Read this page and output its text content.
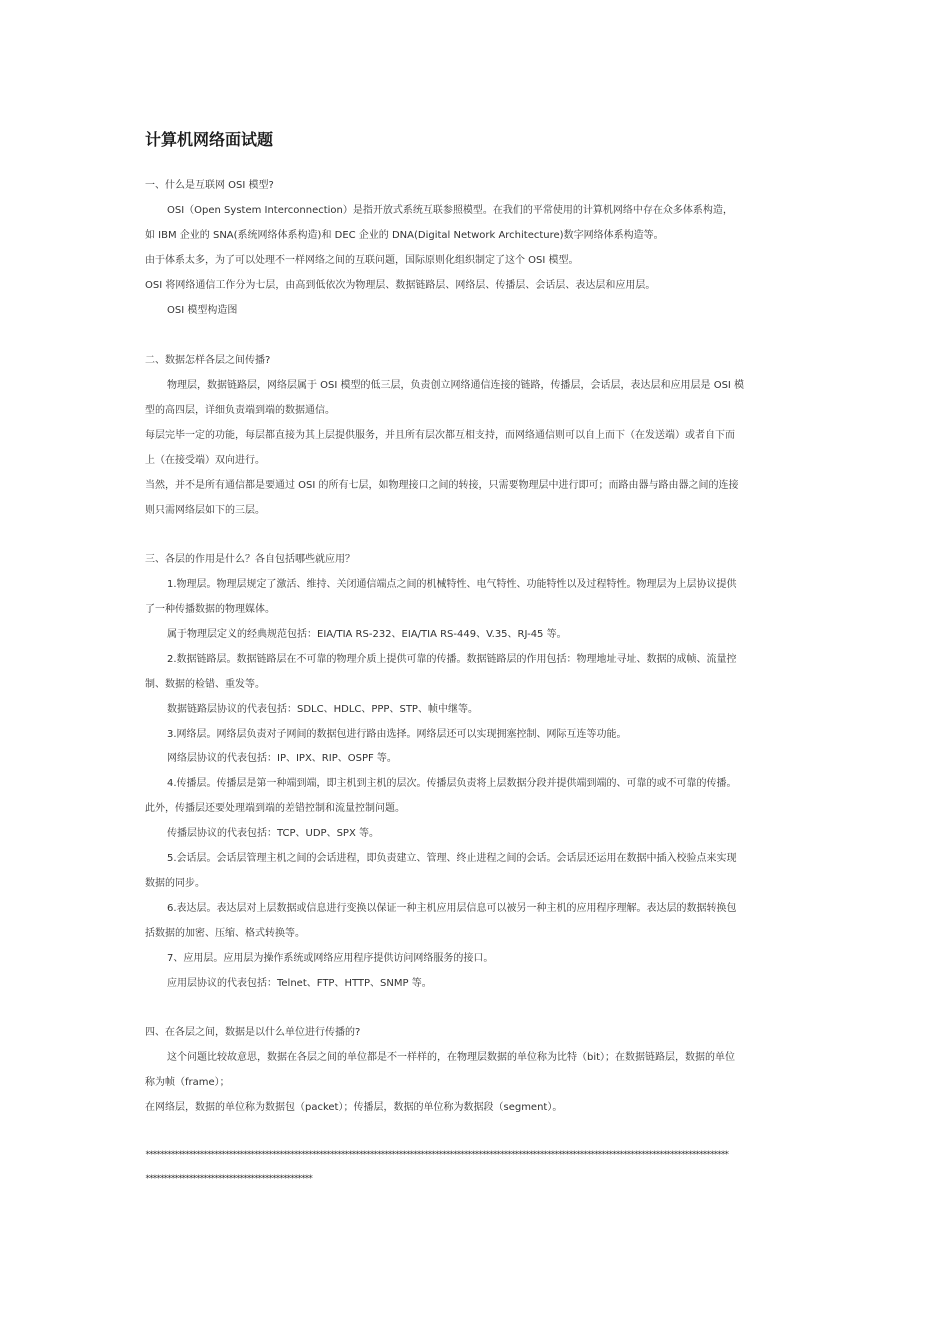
计算机网络面试题
一、什么是互联网 OSI 模型?
OSI（Open System Interconnection）是指开放式系统互联参照模型。在我们的平常使用的计算机网络中存在众多体系构造，
如 IBM 企业的 SNA(系统网络体系构造)和 DEC 企业的 DNA(Digital Network Architecture)数字网络体系构造等。
由于体系太多，为了可以处理不一样网络之间的互联问题，国际原则化组织制定了这个 OSI 模型。
OSI 将网络通信工作分为七层，由高到低依次为物理层、数据链路层、网络层、传播层、会话层、表达层和应用层。
OSI 模型构造图
二、数据怎样各层之间传播?
物理层，数据链路层，网络层属于 OSI 模型的低三层，负责创立网络通信连接的链路，传播层，会话层，表达层和应用层是 OSI 模
型的高四层，详细负责端到端的数据通信。
每层完毕一定的功能，每层都直接为其上层提供服务，并且所有层次都互相支持，而网络通信则可以自上而下（在发送端）或者自下而
上（在接受端）双向进行。
当然，并不是所有通信都是要通过 OSI 的所有七层，如物理接口之间的转接，只需要物理层中进行即可；而路由器与路由器之间的连接
则只需网络层如下的三层。
三、各层的作用是什么？各自包括哪些就应用？
1.物理层。物理层规定了激活、维持、关闭通信端点之间的机械特性、电气特性、功能特性以及过程特性。物理层为上层协议提供
了一种传播数据的物理媒体。
属于物理层定义的经典规范包括：EIA/TIA RS-232、EIA/TIA RS-449、V.35、RJ-45 等。
2.数据链路层。数据链路层在不可靠的物理介质上提供可靠的传播。数据链路层的作用包括：物理地址寻址、数据的成帧、流量控
制、数据的检错、重发等。
数据链路层协议的代表包括：SDLC、HDLC、PPP、STP、帧中继等。
3.网络层。网络层负责对子网间的数据包进行路由选择。网络层还可以实现拥塞控制、网际互连等功能。
网络层协议的代表包括：IP、IPX、RIP、OSPF 等。
4.传播层。传播层是第一种端到端，即主机到主机的层次。传播层负责将上层数据分段并提供端到端的、可靠的或不可靠的传播。
此外，传播层还要处理端到端的差错控制和流量控制问题。
传播层协议的代表包括：TCP、UDP、SPX 等。
5.会话层。会话层管理主机之间的会话进程，即负责建立、管理、终止进程之间的会话。会话层还运用在数据中插入校验点来实现
数据的同步。
6.表达层。表达层对上层数据或信息进行变换以保证一种主机应用层信息可以被另一种主机的应用程序理解。表达层的数据转换包
括数据的加密、压缩、格式转换等。
7、应用层。应用层为操作系统或网络应用程序提供访问网络服务的接口。
应用层协议的代表包括：Telnet、FTP、HTTP、SNMP 等。
四、在各层之间，数据是以什么单位进行传播的?
这个问题比较故意思，数据在各层之间的单位都是不一样样的，在物理层数据的单位称为比特（bit）；在数据链路层，数据的单位
称为帧（frame）；
在网络层，数据的单位称为数据包（packet）；传播层，数据的单位称为数据段（segment）。
*****************************************************************************************************************************************************************
**********************************************
